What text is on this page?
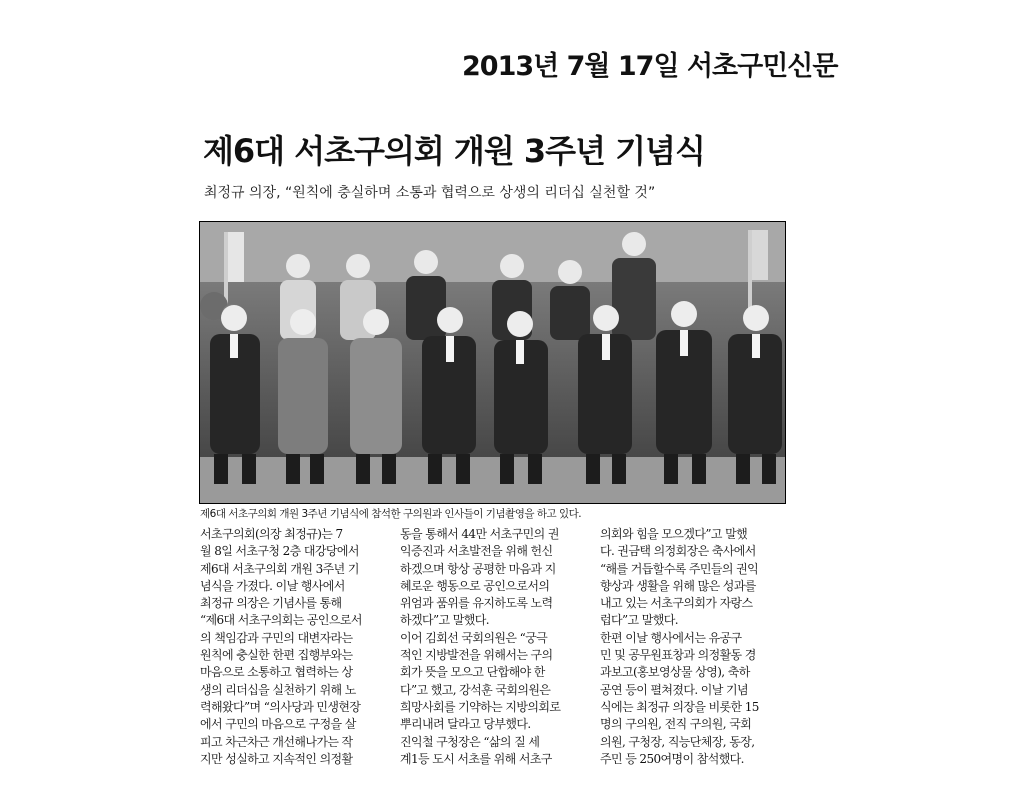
2013년 7월 17일 서초구민신문
제6대 서초구의회 개원 3주년 기념식
최정규 의장, “원칙에 충실하며 소통과 협력으로 상생의 리더십 실천할 것”
제6대 서초구의회 개원 3주년 기념식에 참석한 구의원과 인사들이 기념촬영을 하고 있다.
서초구의회(의장 최정규)는 7
월 8일 서초구청 2층 대강당에서
제6대 서초구의회 개원 3주년 기
념식을 가졌다. 이날 행사에서
최정규 의장은 기념사를 통해
“제6대 서초구의회는 공인으로서
의 책임감과 구민의 대변자라는
원칙에 충실한 한편 집행부와는
마음으로 소통하고 협력하는 상
생의 리더십을 실천하기 위해 노
력해왔다”며 “의사당과 민생현장
에서 구민의 마음으로 구정을 살
피고 차근차근 개선해나가는 작
지만 성실하고 지속적인 의정활
동을 통해서 44만 서초구민의 권
익증진과 서초발전을 위해 헌신
하겠으며 항상 공평한 마음과 지
혜로운 행동으로 공인으로서의
위엄과 품위를 유지하도록 노력
하겠다”고 말했다.
이어 김회선 국회의원은 “궁극
적인 지방발전을 위해서는 구의
회가 뜻을 모으고 단합해야 한
다”고 했고, 강석훈 국회의원은
희망사회를 기약하는 지방의회로
뿌리내려 달라고 당부했다.
진익철 구청장은 “삶의 질 세
계1등 도시 서초를 위해 서초구
의회와 힘을 모으겠다”고 말했
다. 권금택 의정회장은 축사에서
“해를 거듭할수록 주민들의 권익
향상과 생활을 위해 많은 성과를
내고 있는 서초구의회가 자랑스
럽다”고 말했다.
한편 이날 행사에서는 유공구
민 및 공무원표창과 의정활동 경
과보고(홍보영상물 상영), 축하
공연 등이 펼쳐졌다. 이날 기념
식에는 최정규 의장을 비롯한 15
명의 구의원, 전직 구의원, 국회
의원, 구청장, 직능단체장, 동장,
주민 등 250여명이 참석했다.
